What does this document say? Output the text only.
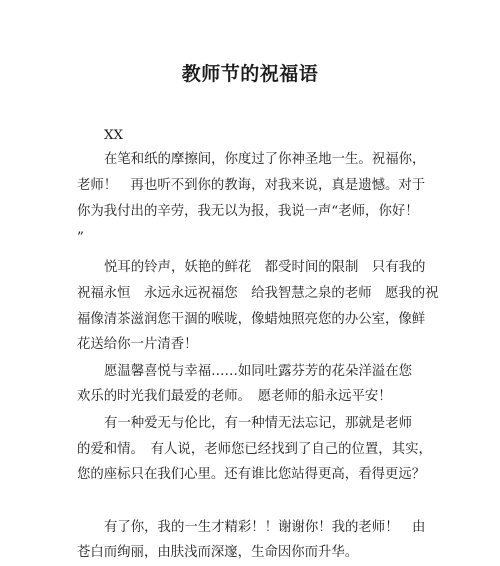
教师节的祝福语
XX
在笔和纸的摩擦间，你度过了你神圣地一生。祝福你，
老师！　再也听不到你的教诲，对我来说，真是遗憾。对于
你为我付出的辛劳，我无以为报，我说一声“老师，你好！
”
悦耳的铃声，妖艳的鲜花　都受时间的限制　只有我的
祝福永恒　永远永远祝福您　给我智慧之泉的老师　愿我的祝
福像清茶滋润您干涸的喉咙，像蜡烛照亮您的办公室，像鲜
花送给你一片清香！
愿温馨喜悦与幸福……如同吐露芬芳的花朵洋溢在您
欢乐的时光我们最爱的老师。　愿老师的船永远平安！
有一种爱无与伦比，有一种情无法忘记，那就是老师
的爱和情。　有人说，老师您已经找到了自己的位置，其实，
您的座标只在我们心里。还有谁比您站得更高，看得更远？
有了你，我的一生才精彩！！谢谢你！我的老师！　由
苍白而绚丽，由肤浅而深邃，生命因你而升华。
